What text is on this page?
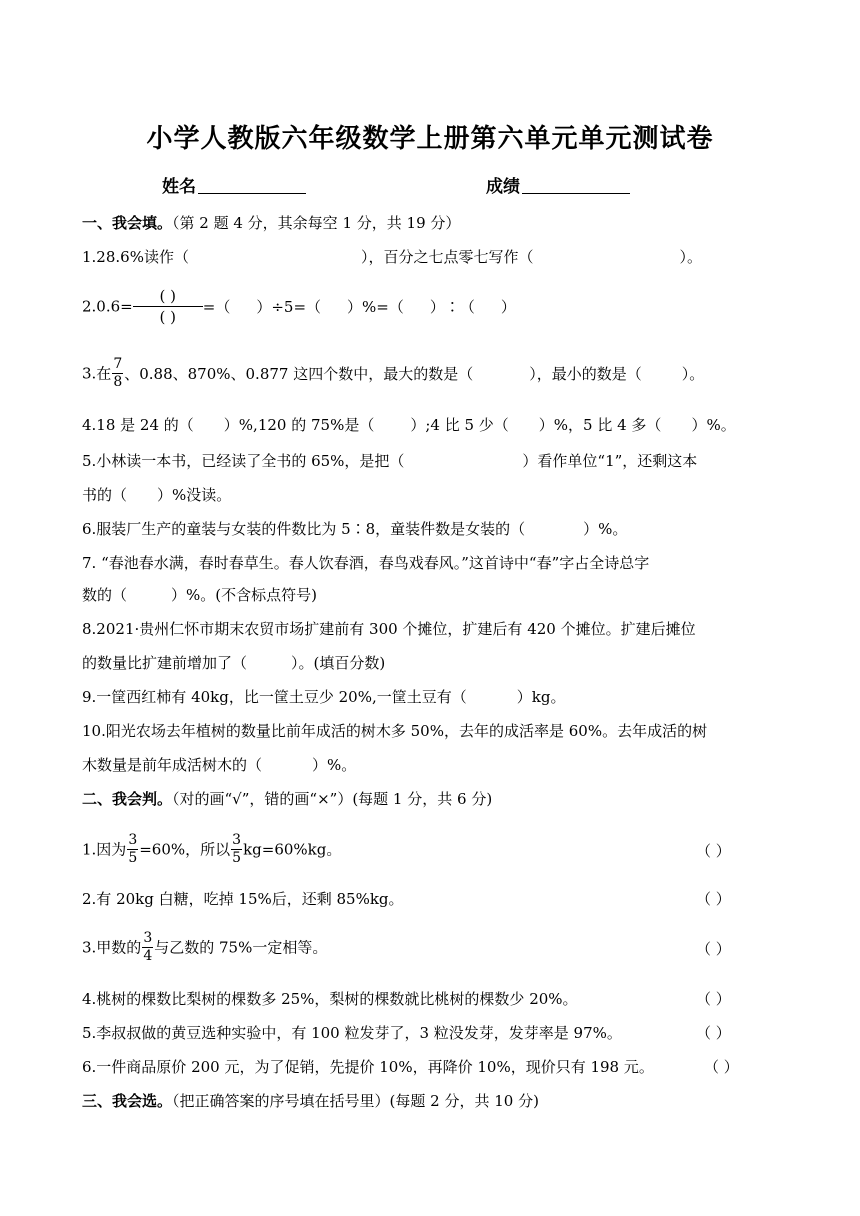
小学人教版六年级数学上册第六单元单元测试卷
姓名	成绩
一、我会填。（第 2 题 4 分，其余每空 1 分，共 19 分）
1.28.6%读作（	），百分之七点零七写作（	）。
$2.0.6= \frac{( )}{( )}$ =（ ）÷5=（ ）%=（ ）∶（ ）
3.在 $\frac{7}{8}$ 、0.88、870%、0.877 这四个数中，最大的数是（	），最小的数是（	）。
4.18 是 24 的（ ）%,120 的 75%是（ ）;4 比 5 少（ ）%，5 比 4 多（ ）%。
5.小林读一本书，已经读了全书的 65%，是把（	）看作单位“1”，还剩这本
书的（ ）%没读。
6.服装厂生产的童装与女装的件数比为 5∶8，童装件数是女装的（	）%。
7. “春池春水满，春时春草生。春人饮春酒，春鸟戏春风。”这首诗中“春”字占全诗总字
数的（	）%。(不含标点符号)
8.2021·贵州仁怀市期末农贸市场扩建前有 300 个摊位，扩建后有 420 个摊位。扩建后摊位
的数量比扩建前增加了（	）。(填百分数)
9.一筐西红柿有 40kg，比一筐土豆少 20%,一筐土豆有（	）kg。
10.阳光农场去年植树的数量比前年成活的树木多 50%，去年的成活率是 60%。去年成活的树
木数量是前年成活树木的（	）%。
二、我会判。（对的画“√”，错的画“×”）(每题 1 分，共 6 分)
1.因为 $\frac{3}{5} =60\%$，所以 $\frac{3}{5} kg=60\%kg$。	（ ）
2.有 20kg 白糖，吃掉 15%后，还剩 85%kg。	（ ）
3.甲数的 $\frac{3}{4}$ 与乙数的 75%一定相等。	（ ）
4.桃树的棵数比梨树的棵数多 25%，梨树的棵数就比桃树的棵数少 20%。	（ ）
5.李叔叔做的黄豆选种实验中，有 100 粒发芽了，3 粒没发芽，发芽率是 97%。	（ ）
6.一件商品原价 200 元，为了促销，先提价 10%，再降价 10%，现价只有 198 元。	（ ）
三、我会选。（把正确答案的序号填在括号里）(每题 2 分，共 10 分)
